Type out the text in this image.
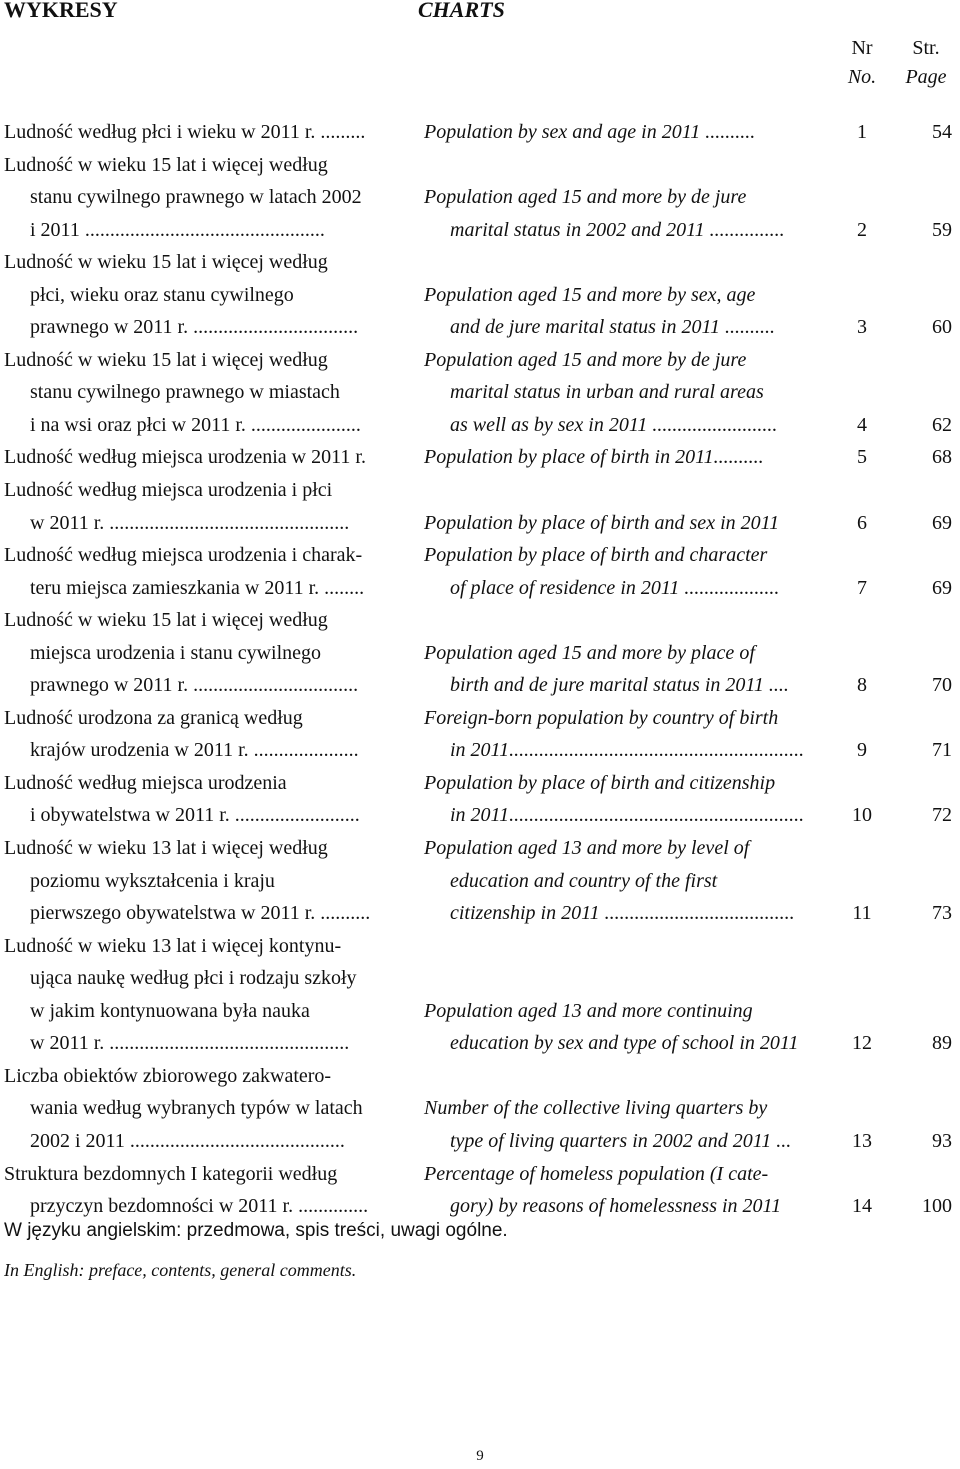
WYKRESY	CHARTS
Nr
No.
Str.
Page
Ludność według płci i wieku w 2011 r. .........	Population by sex and age in 2011 ..........	1	54
Ludność w wieku 15 lat i więcej według
stanu cywilnego prawnego w latach 2002	Population aged 15 and more by de jure
i 2011 ................................................	marital status in 2002 and 2011 ...............	2	59
Ludność w wieku 15 lat i więcej według
płci, wieku oraz stanu cywilnego	Population aged 15 and more by sex, age
prawnego w 2011 r. .................................	and de jure marital status in 2011 ..........	3	60
Ludność w wieku 15 lat i więcej według	Population aged 15 and more by de jure
stanu cywilnego prawnego w miastach	marital status in urban and rural areas
i na wsi oraz płci w 2011 r. ......................	as well as by sex in 2011 .........................	4	62
Ludność według miejsca urodzenia w 2011 r.	Population by place of birth in 2011..........	5	68
Ludność według miejsca urodzenia i płci
w 2011 r. ................................................	Population by place of birth and sex in 2011	6	69
Ludność według miejsca urodzenia i charak-	Population by place of birth and character
teru miejsca zamieszkania w 2011 r. ........	of place of residence in 2011 ...................	7	69
Ludność w wieku 15 lat i więcej według
miejsca urodzenia i stanu cywilnego	Population aged 15 and more by place of
prawnego w 2011 r. .................................	birth and de jure marital status in 2011 ....	8	70
Ludność urodzona za granicą według	Foreign-born population by country of birth
krajów urodzenia w 2011 r. .....................	in 2011...........................................................	9	71
Ludność według miejsca urodzenia	Population by place of birth and citizenship
i obywatelstwa w 2011 r. .........................	in 2011...........................................................	10	72
Ludność w wieku 13 lat i więcej według	Population aged 13 and more by level of
poziomu wykształcenia i kraju	education and country of the first
pierwszego obywatelstwa w 2011 r. ..........	citizenship in 2011 ......................................	11	73
Ludność w wieku 13 lat i więcej kontynu-
ująca naukę według płci i rodzaju szkoły
w jakim kontynuowana była nauka	Population aged 13 and more continuing
w 2011 r. ................................................	education by sex and type of school in 2011	12	89
Liczba obiektów zbiorowego zakwatero-
wania według wybranych typów w latach	Number of the collective living quarters by
2002 i 2011 ...........................................	type of living quarters in 2002 and 2011 ...	13	93
Struktura bezdomnych I kategorii według	Percentage of homeless population (I cate-
przyczyn bezdomności w 2011 r. ..............	gory) by reasons of homelessness in 2011	14	100
W języku angielskim: przedmowa, spis treści, uwagi ogólne.
In English: preface, contents, general comments.
9
